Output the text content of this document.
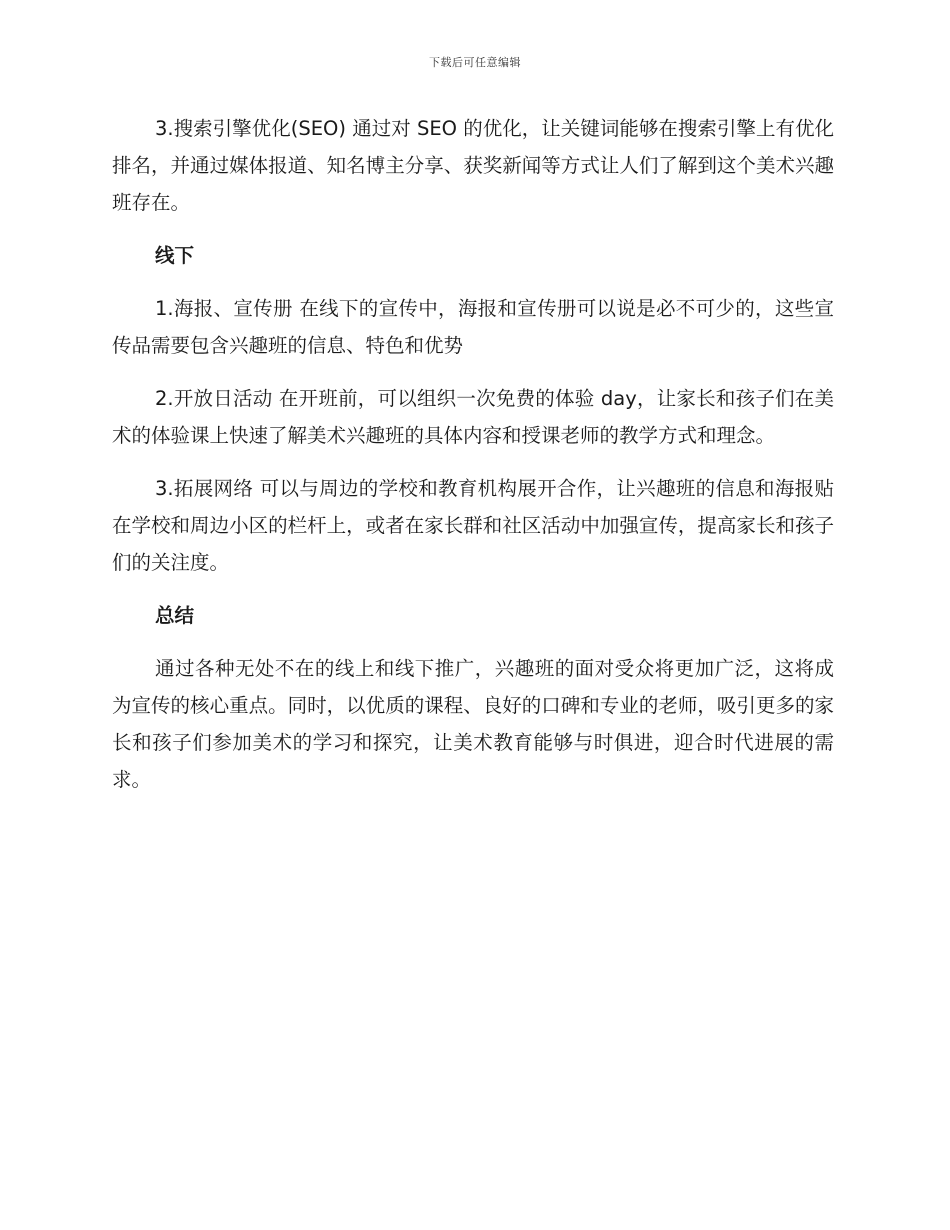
下载后可任意编辑

3.搜索引擎优化(SEO) 通过对 SEO 的优化，让关键词能够在搜索引擎上有优化排名，并通过媒体报道、知名博主分享、获奖新闻等方式让人们了解到这个美术兴趣班存在。

线下

1.海报、宣传册 在线下的宣传中，海报和宣传册可以说是必不可少的，这些宣传品需要包含兴趣班的信息、特色和优势

2.开放日活动 在开班前，可以组织一次免费的体验 day，让家长和孩子们在美术的体验课上快速了解美术兴趣班的具体内容和授课老师的教学方式和理念。

3.拓展网络 可以与周边的学校和教育机构展开合作，让兴趣班的信息和海报贴在学校和周边小区的栏杆上，或者在家长群和社区活动中加强宣传，提高家长和孩子们的关注度。

总结

通过各种无处不在的线上和线下推广，兴趣班的面对受众将更加广泛，这将成为宣传的核心重点。同时，以优质的课程、良好的口碑和专业的老师，吸引更多的家长和孩子们参加美术的学习和探究，让美术教育能够与时俱进，迎合时代进展的需求。
